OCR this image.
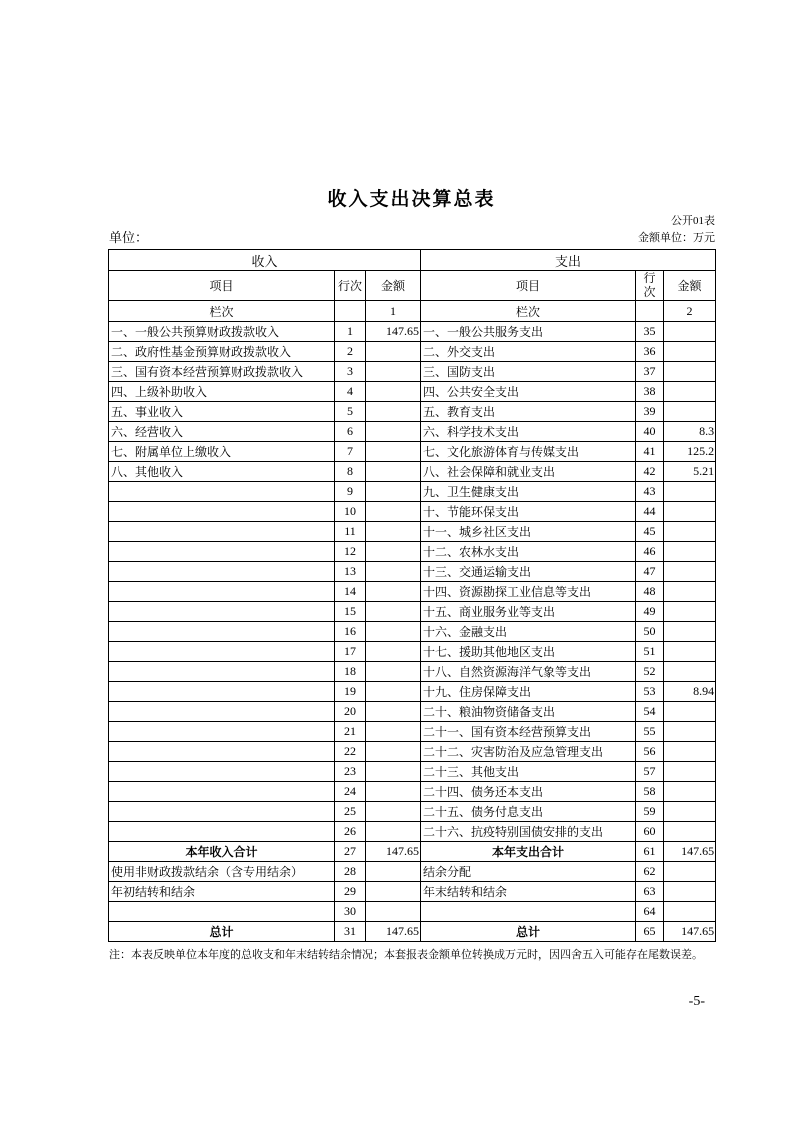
收入支出决算总表
公开01表
单位：	金额单位：万元
收入			支出		
项目	行次	金额	项目	行次	金额
栏次		1	栏次		2
一、一般公共预算财政拨款收入	1	147.65	一、一般公共服务支出	35	
二、政府性基金预算财政拨款收入	2		二、外交支出	36	
三、国有资本经营预算财政拨款收入	3		三、国防支出	37	
四、上级补助收入	4		四、公共安全支出	38	
五、事业收入	5		五、教育支出	39	
六、经营收入	6		六、科学技术支出	40	8.3
七、附属单位上缴收入	7		七、文化旅游体育与传媒支出	41	125.2
八、其他收入	8		八、社会保障和就业支出	42	5.21
	9		九、卫生健康支出	43	
	10		十、节能环保支出	44	
	11		十一、城乡社区支出	45	
	12		十二、农林水支出	46	
	13		十三、交通运输支出	47	
	14		十四、资源勘探工业信息等支出	48	
	15		十五、商业服务业等支出	49	
	16		十六、金融支出	50	
	17		十七、援助其他地区支出	51	
	18		十八、自然资源海洋气象等支出	52	
	19		十九、住房保障支出	53	8.94
	20		二十、粮油物资储备支出	54	
	21		二十一、国有资本经营预算支出	55	
	22		二十二、灾害防治及应急管理支出	56	
	23		二十三、其他支出	57	
	24		二十四、债务还本支出	58	
	25		二十五、债务付息支出	59	
	26		二十六、抗疫特别国债安排的支出	60	
本年收入合计	27	147.65	本年支出合计	61	147.65
使用非财政拨款结余（含专用结余）	28		结余分配	62	
年初结转和结余	29		年末结转和结余	63	
	30			64	
总计	31	147.65	总计	65	147.65
注：本表反映单位本年度的总收支和年末结转结余情况；本套报表金额单位转换成万元时，因四舍五入可能存在尾数误差。
-5-
